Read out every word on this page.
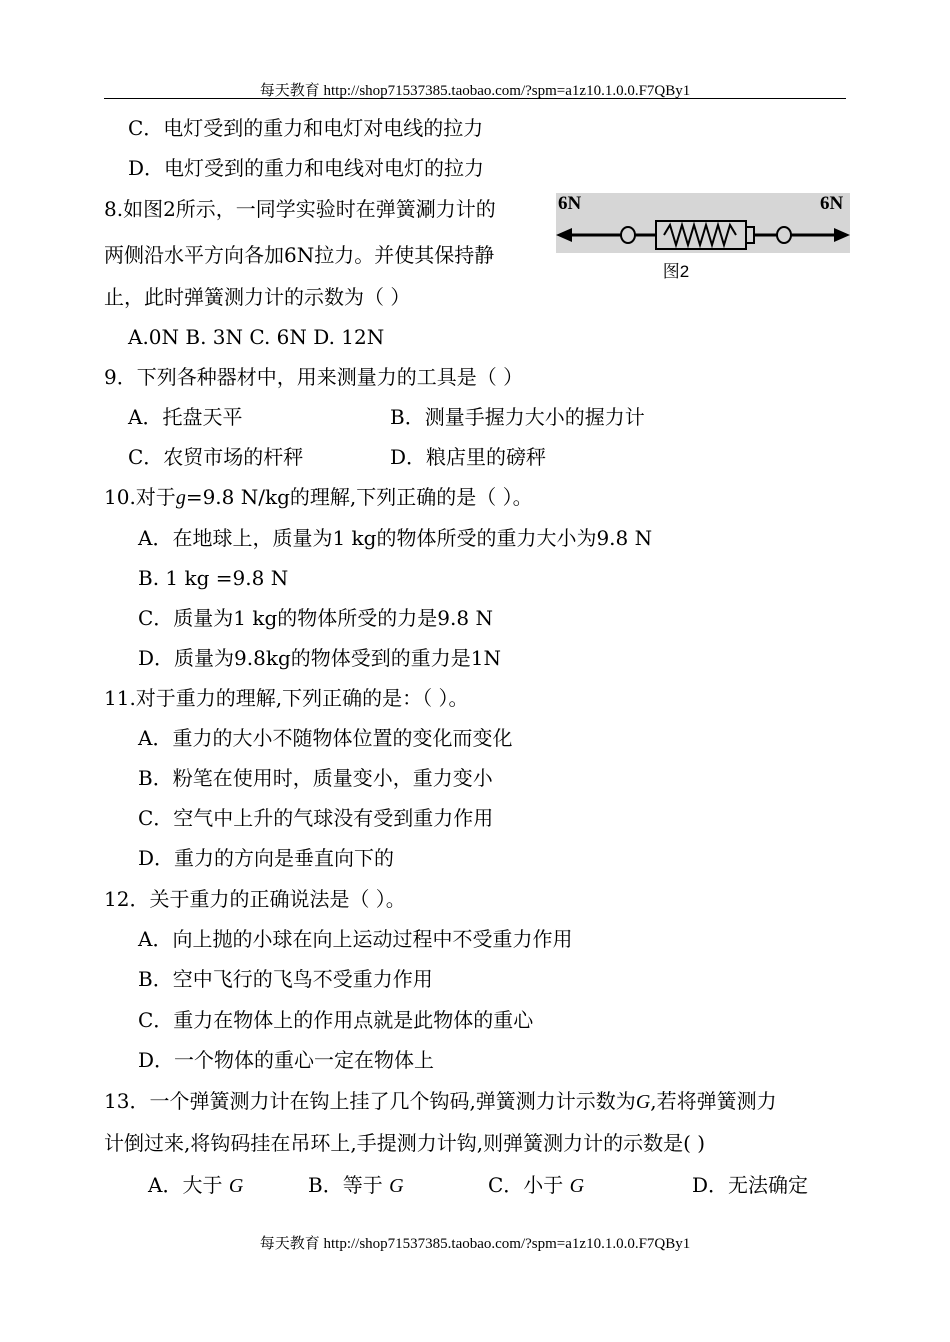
每天教育 http://shop71537385.taobao.com/?spm=a1z10.1.0.0.F7QBy1
C．电灯受到的重力和电灯对电线的拉力
D．电灯受到的重力和电线对电灯的拉力
8.如图2所示，一同学实验时在弹簧涮力计的
两侧沿水平方向各加6N拉力。并使其保持静
止，此时弹簧测力计的示数为（ ）
A.0N B. 3N C. 6N D. 12N
6N	6N
图2
9．下列各种器材中，用来测量力的工具是（ ）
A．托盘天平	B．测量手握力大小的握力计
C．农贸市场的杆秤	D．粮店里的磅秤
10.对于g=9.8 N/kg的理解,下列正确的是（ ）。
A．在地球上，质量为1 kg的物体所受的重力大小为9.8 N
B. 1 kg =9.8 N
C．质量为1 kg的物体所受的力是9.8 N
D．质量为9.8kg的物体受到的重力是1N
11.对于重力的理解,下列正确的是：（ ）。
A．重力的大小不随物体位置的变化而变化
B．粉笔在使用时，质量变小，重力变小
C．空气中上升的气球没有受到重力作用
D．重力的方向是垂直向下的
12．关于重力的正确说法是（ ）。
A．向上抛的小球在向上运动过程中不受重力作用
B．空中飞行的飞鸟不受重力作用
C．重力在物体上的作用点就是此物体的重心
D．一个物体的重心一定在物体上
13．一个弹簧测力计在钩上挂了几个钩码,弹簧测力计示数为G,若将弹簧测力
计倒过来,将钩码挂在吊环上,手提测力计钩,则弹簧测力计的示数是( )
A．大于 G	B．等于 G	C．小于 G	D．无法确定
每天教育 http://shop71537385.taobao.com/?spm=a1z10.1.0.0.F7QBy1
